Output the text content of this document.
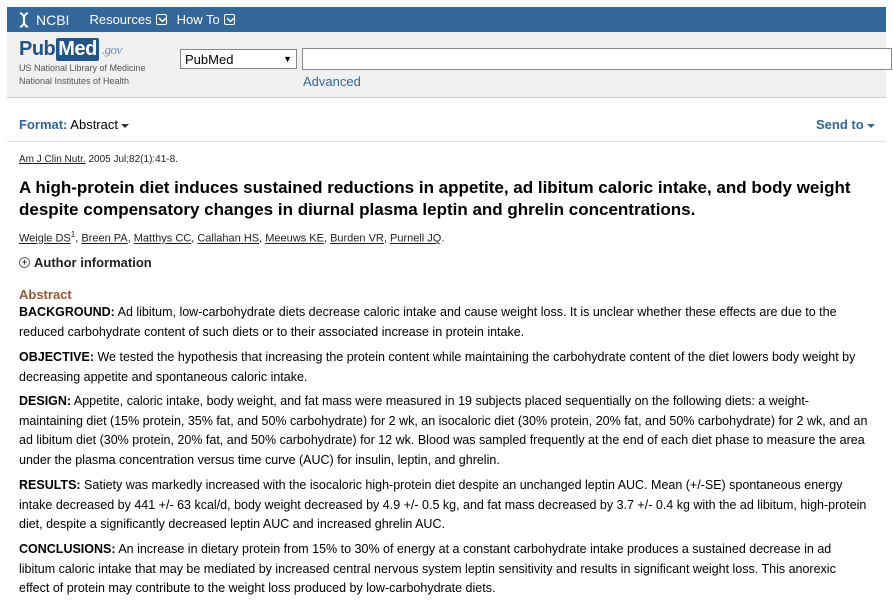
NCBI Resources How To
Pub Med .gov
US National Library of Medicine
National Institutes of Health
PubMed	▼
Advanced
Format: Abstract	Send to
Am J Clin Nutr. 2005 Jul;82(1):41-8.
A high-protein diet induces sustained reductions in appetite, ad libitum caloric intake, and body weight despite compensatory changes in diurnal plasma leptin and ghrelin concentrations.
Weigle $DS^1$, Breen PA, Matthys CC, Callahan HS, Meeuws KE, Burden VR, Purnell JQ.
+ Author information
Abstract

BACKGROUND: Ad libitum, low-carbohydrate diets decrease caloric intake and cause weight loss. It is unclear whether these effects are due to the reduced carbohydrate content of such diets or to their associated increase in protein intake.

OBJECTIVE: We tested the hypothesis that increasing the protein content while maintaining the carbohydrate content of the diet lowers body weight by decreasing appetite and spontaneous caloric intake.

DESIGN: Appetite, caloric intake, body weight, and fat mass were measured in 19 subjects placed sequentially on the following diets: a weight-maintaining diet (15% protein, 35% fat, and 50% carbohydrate) for 2 wk, an isocaloric diet (30% protein, 20% fat, and 50% carbohydrate) for 2 wk, and an ad libitum diet (30% protein, 20% fat, and 50% carbohydrate) for 12 wk. Blood was sampled frequently at the end of each diet phase to measure the area under the plasma concentration versus time curve (AUC) for insulin, leptin, and ghrelin.

RESULTS: Satiety was markedly increased with the isocaloric high-protein diet despite an unchanged leptin AUC. Mean (+/-SE) spontaneous energy intake decreased by 441 +/- 63 kcal/d, body weight decreased by 4.9 +/- 0.5 kg, and fat mass decreased by 3.7 +/- 0.4 kg with the ad libitum, high-protein diet, despite a significantly decreased leptin AUC and increased ghrelin AUC.

CONCLUSIONS: An increase in dietary protein from 15% to 30% of energy at a constant carbohydrate intake produces a sustained decrease in ad libitum caloric intake that may be mediated by increased central nervous system leptin sensitivity and results in significant weight loss. This anorexic effect of protein may contribute to the weight loss produced by low-carbohydrate diets.
